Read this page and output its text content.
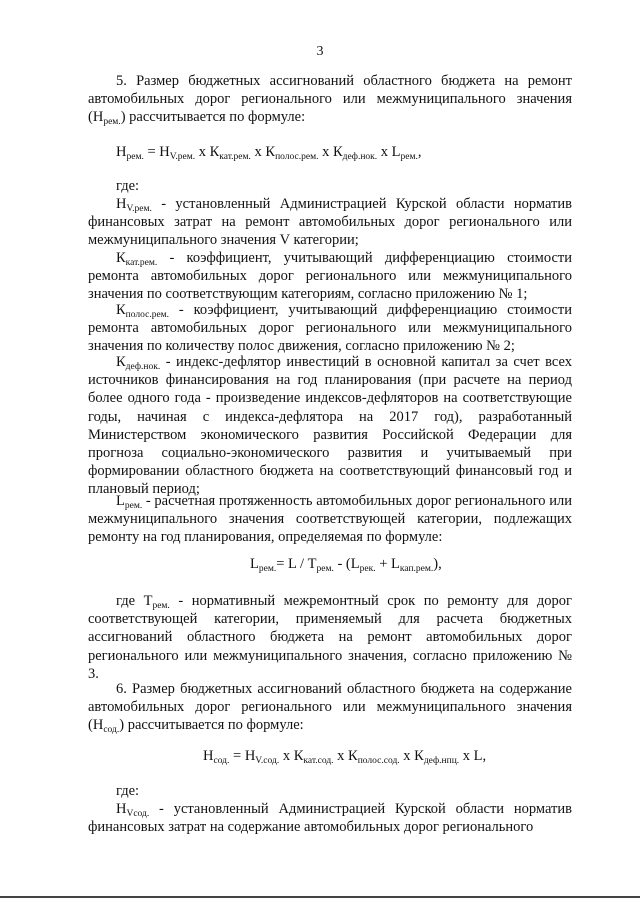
3
5. Размер бюджетных ассигнований областного бюджета на ремонт автомобильных дорог регионального или межмуниципального значения $(Н_{рем.})$ рассчитывается по формуле:
$Н_{рем.} = Н_{V.рем.}$ х $К_{кат.рем.}$ х $К_{полос.рем.}$ х $К_{деф.нок.}$ х $L_{рем.}$,
где:
$Н_{V.рем.}$ - установленный Администрацией Курской области норматив финансовых затрат на ремонт автомобильных дорог регионального или межмуниципального значения V категории;
$К_{кат.рем.}$ - коэффициент, учитывающий дифференциацию стоимости ремонта автомобильных дорог регионального или межмуниципального значения по соответствующим категориям, согласно приложению № 1;
$К_{полос.рем.}$ - коэффициент, учитывающий дифференциацию стоимости ремонта автомобильных дорог регионального или межмуниципального значения по количеству полос движения, согласно приложению № 2;
$К_{деф.нок.}$ - индекс-дефлятор инвестиций в основной капитал за счет всех источников финансирования на год планирования (при расчете на период более одного года - произведение индексов-дефляторов на соответствующие годы, начиная с индекса-дефлятора на 2017 год), разработанный Министерством экономического развития Российской Федерации для прогноза социально-экономического развития и учитываемый при формировании областного бюджета на соответствующий финансовый год и плановый период;
$L_{рем.}$ - расчетная протяженность автомобильных дорог регионального или межмуниципального значения соответствующей категории, подлежащих ремонту на год планирования, определяемая по формуле:
$L_{рем.}= L / Т_{рем.} - (L_{рек.} + L_{кап.рем.})$,
где $Т_{рем.}$ - нормативный межремонтный срок по ремонту для дорог соответствующей категории, применяемый для расчета бюджетных ассигнований областного бюджета на ремонт автомобильных дорог регионального или межмуниципального значения, согласно приложению № 3.
6. Размер бюджетных ассигнований областного бюджета на содержание автомобильных дорог регионального или межмуниципального значения $(Н_{сод.})$ рассчитывается по формуле:
$Н_{сод.} = Н_{V.сод.}$ х $К_{кат.сод.}$ х $К_{полос.сод.}$ х $К_{деф.нпц.}$ х L,
где:
$Н_{Vсод.}$ - установленный Администрацией Курской области норматив финансовых затрат на содержание автомобильных дорог регионального
